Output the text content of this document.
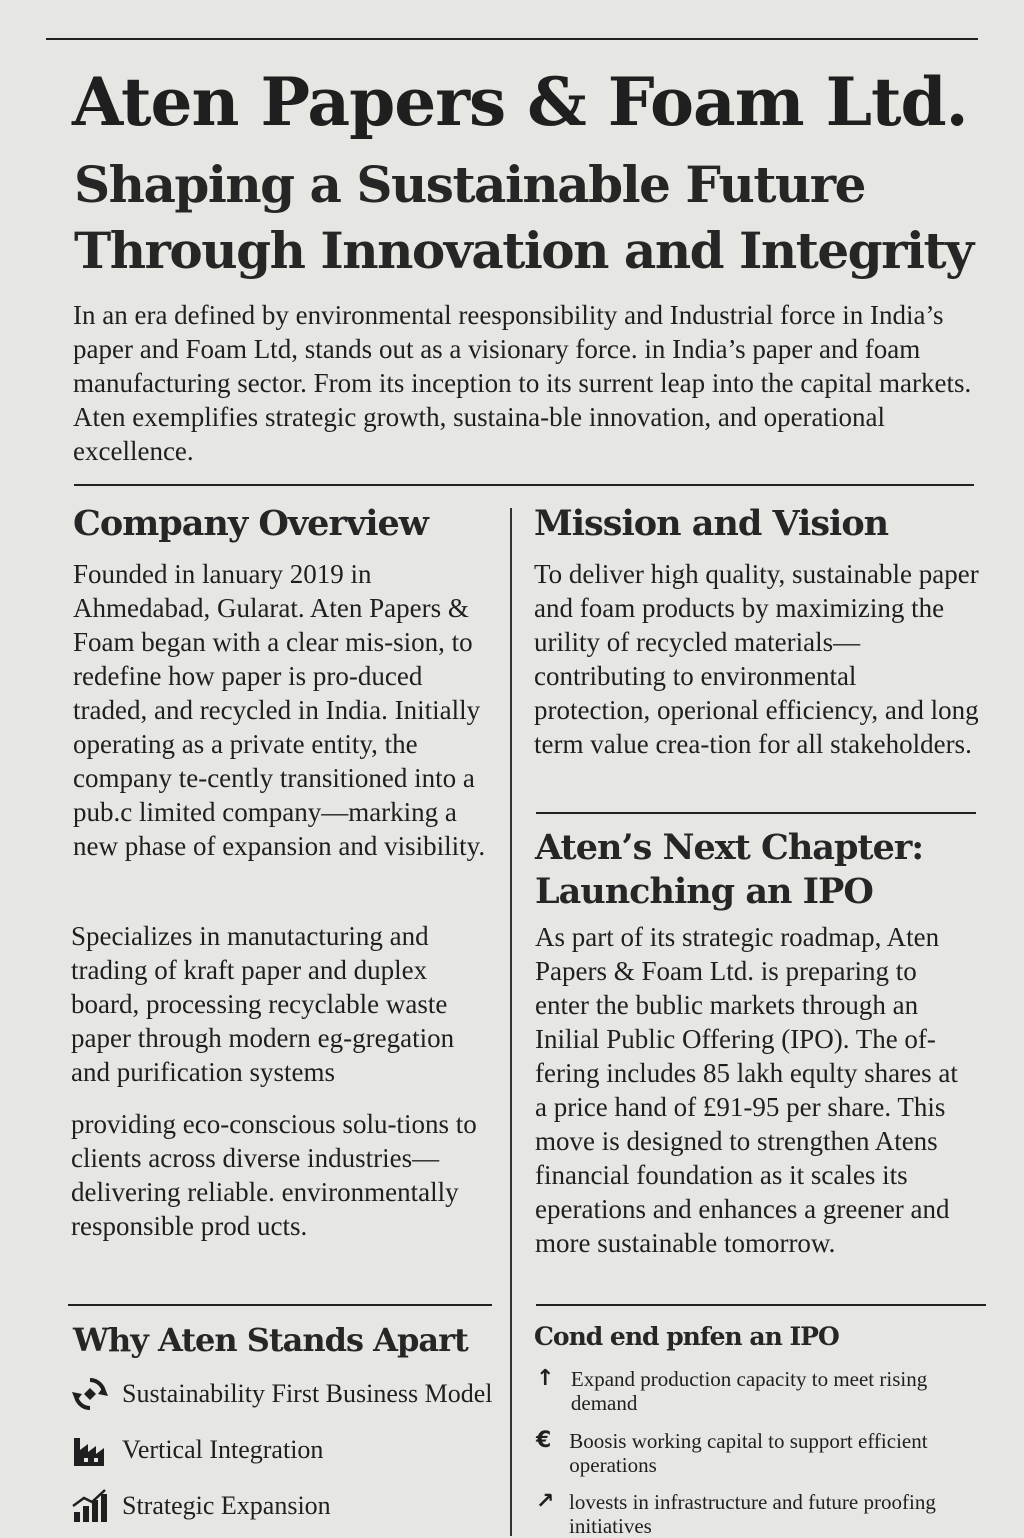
Aten Papers & Foam Ltd.
Shaping a Sustainable Future Through Innovation and Integrity

In an era defined by environmental reesponsibility and Industrial force in India’s paper and Foam Ltd, stands out as a visionary force. in India’s paper and foam manufacturing sector. From its inception to its surrent leap into the capital markets. Aten exemplifies strategic growth, sustaina-ble innovation, and operational excellence.

Company Overview

Founded in lanuary 2019 in Ahmedabad, Gularat. Aten Papers & Foam began with a clear mis-sion, to redefine how paper is pro-duced traded, and recycled in India. Initially operating as a private entity, the company te-cently transitioned into a pub.c limited company—marking a new phase of expansion and visibility.

Specializes in manutacturing and trading of kraft paper and duplex board, processing recyclable waste paper through modern eg-gregation and purification systems

providing eco-conscious solu-tions to clients across diverse industries—delivering reliable. environmentally responsible prod ucts.

Mission and Vision

To deliver high quality, sustainable paper and foam products by maximizing the urility of recycled materials—contributing to environmental protection, operional efficiency, and long term value crea-tion for all stakeholders.

Aten’s Next Chapter: Launching an IPO

As part of its strategic roadmap, Aten Papers & Foam Ltd. is preparing to enter the bublic markets through an Inilial Public Offering (IPO). The of-fering includes 85 lakh equlty shares at a price hand of £91-95 per share. This move is designed to strengthen Atens financial foundation as it scales its eperations and enhances a greener and more sustainable tomorrow.

Why Aten Stands Apart
Sustainability First Business Model
Vertical Integration
Strategic Expansion
Cond end pnfen an IPO
↑ Expand production capacity to meet rising demand
€ Boosis working capital to support efficient operations
↗ lovests in infrastructure and future proofing initiatives
